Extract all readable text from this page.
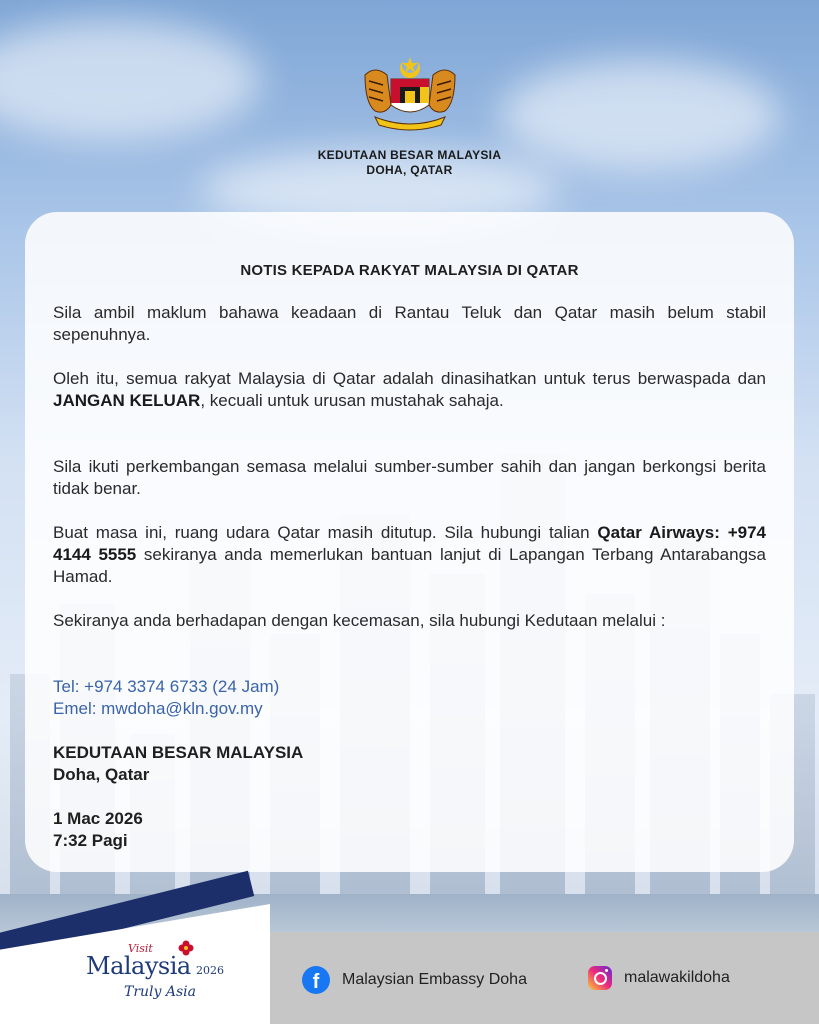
KEDUTAAN BESAR MALAYSIA
DOHA, QATAR
NOTIS KEPADA RAKYAT MALAYSIA DI QATAR
Sila ambil maklum bahawa keadaan di Rantau Teluk dan Qatar masih belum stabil sepenuhnya.
Oleh itu, semua rakyat Malaysia di Qatar adalah dinasihatkan untuk terus berwaspada dan JANGAN KELUAR, kecuali untuk urusan mustahak sahaja.
Sila ikuti perkembangan semasa melalui sumber-sumber sahih dan jangan berkongsi berita tidak benar.
Buat masa ini, ruang udara Qatar masih ditutup. Sila hubungi talian Qatar Airways: +974 4144 5555 sekiranya anda memerlukan bantuan lanjut di Lapangan Terbang Antarabangsa Hamad.
Sekiranya anda berhadapan dengan kecemasan, sila hubungi Kedutaan melalui :
Tel: +974 3374 6733 (24 Jam)
Emel: mwdoha@kln.gov.my
KEDUTAAN BESAR MALAYSIA
Doha, Qatar
1 Mac 2026
7:32 Pagi
Visit
Malaysia 2026
Truly Asia	f	Malaysian Embassy Doha	malawakildoha
